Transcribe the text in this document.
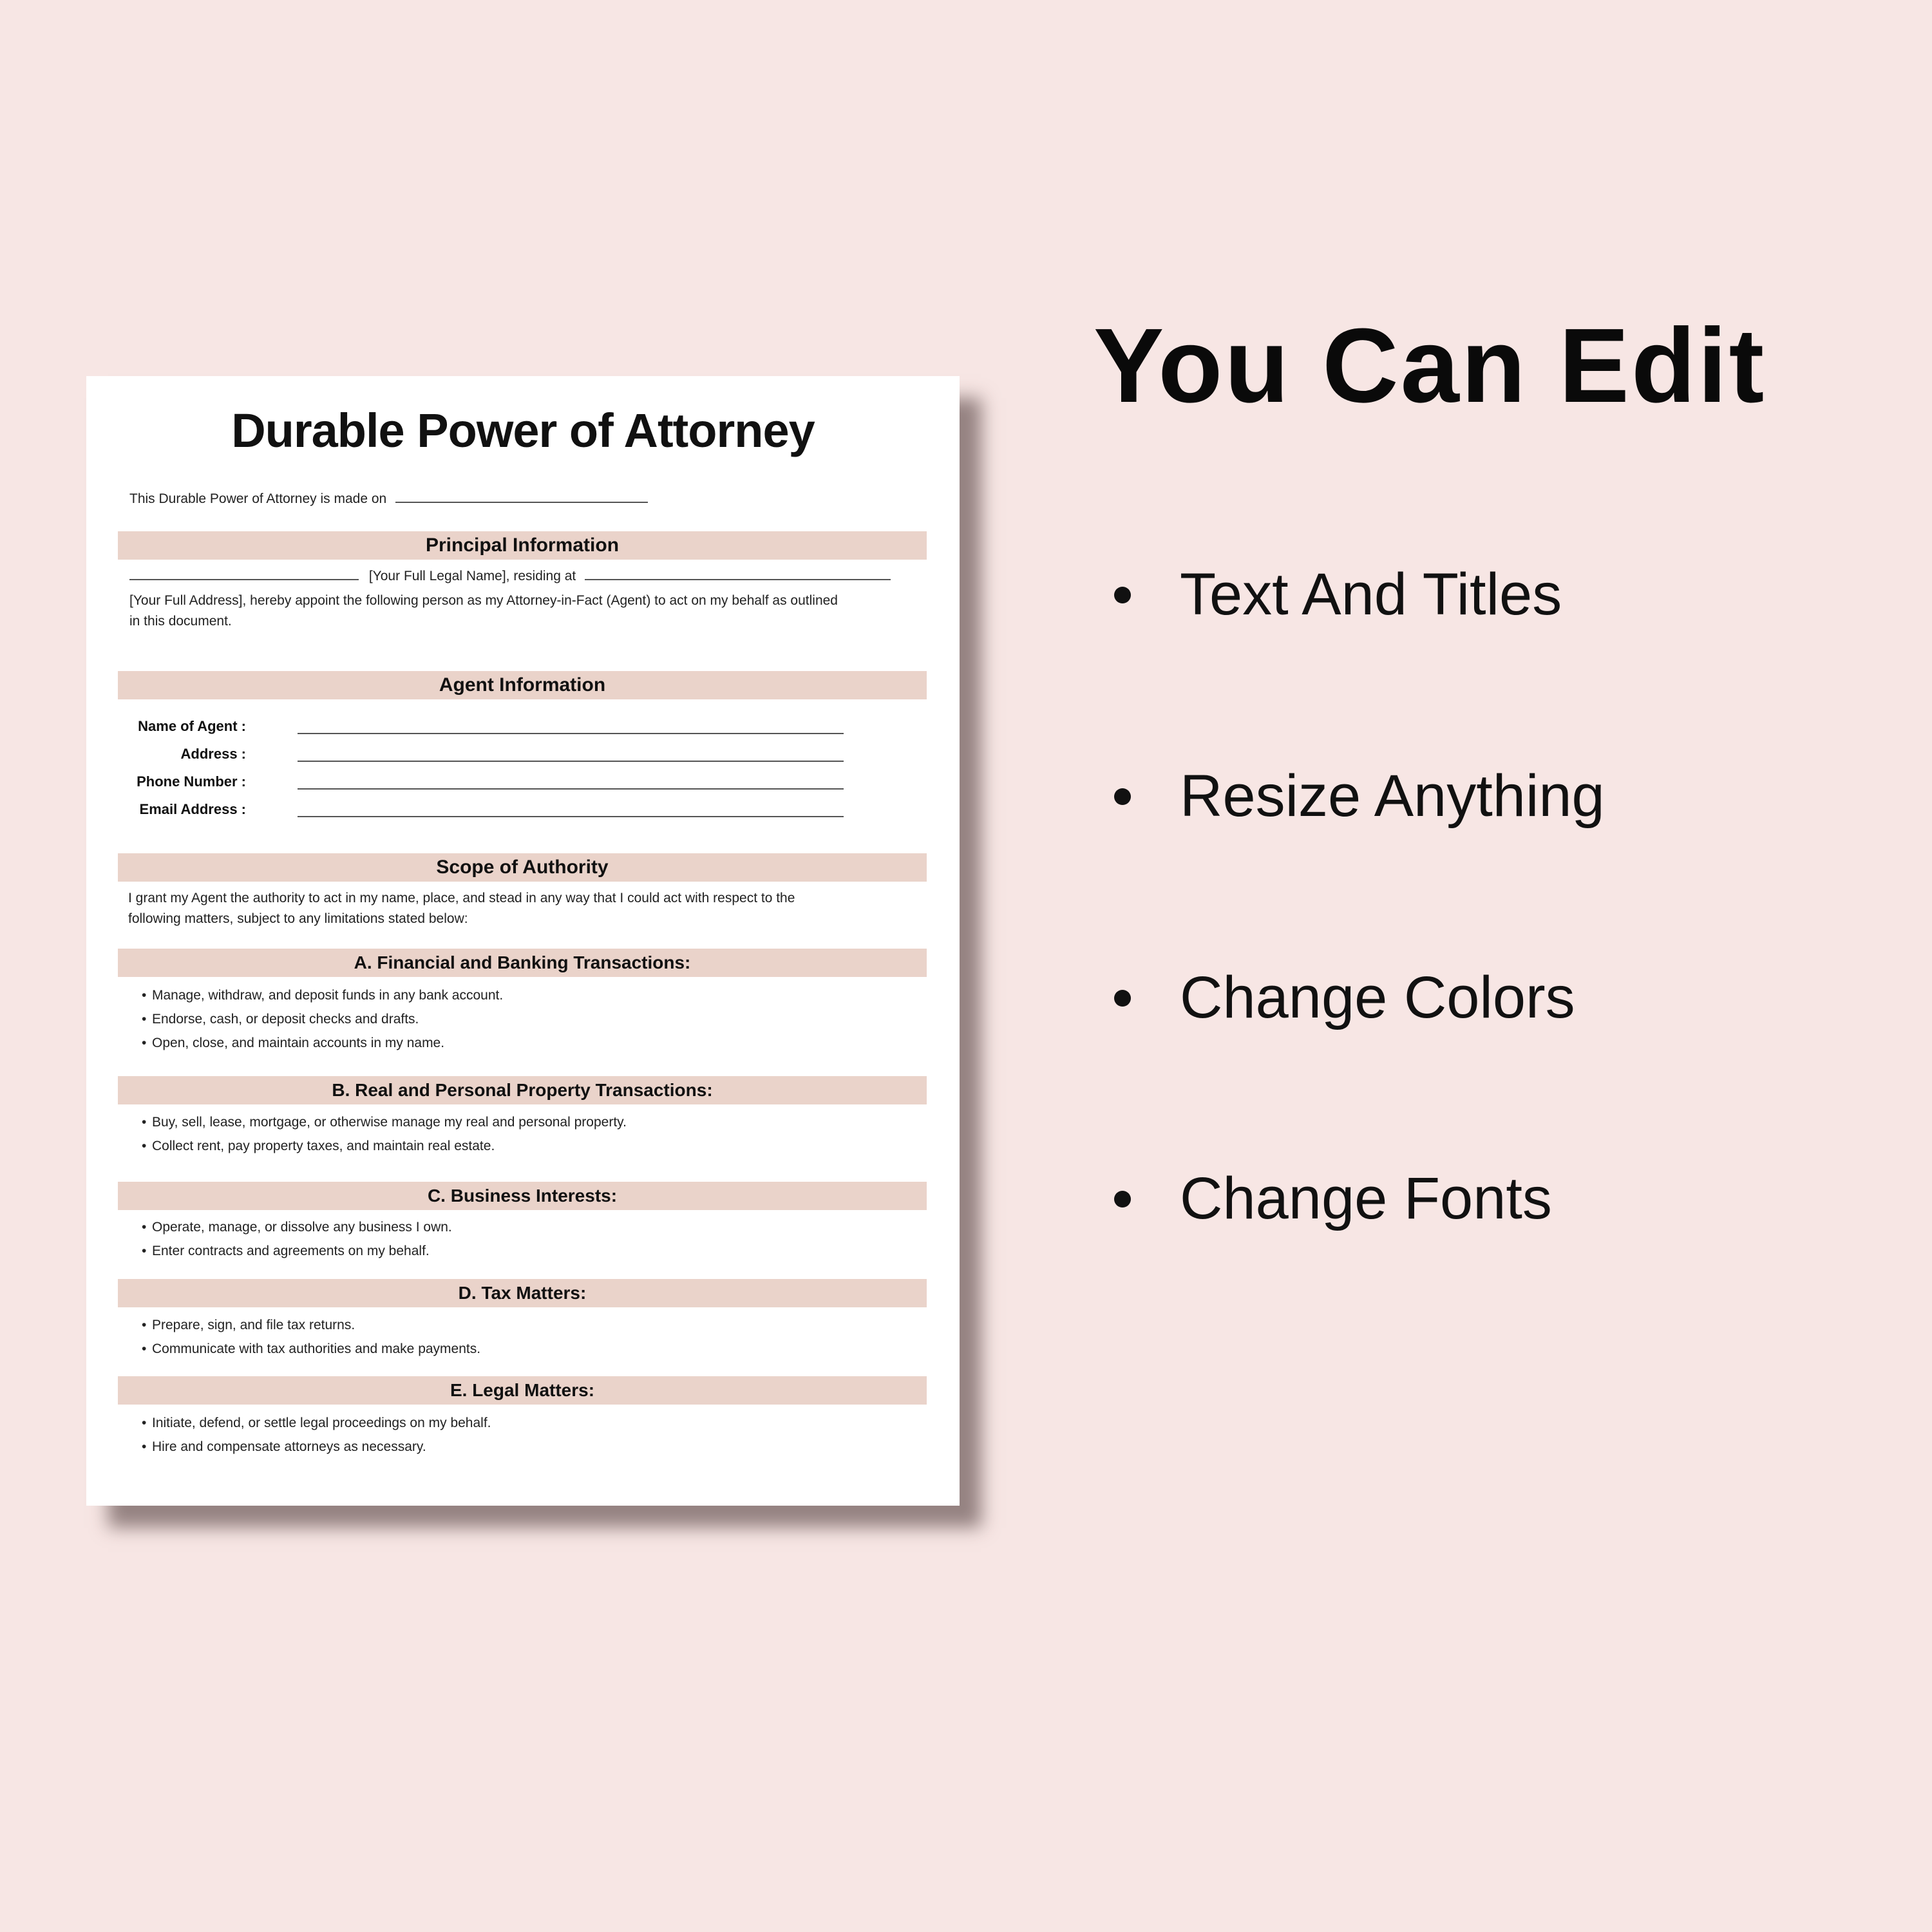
Durable Power of Attorney
This Durable Power of Attorney is made on
Principal Information
[Your Full Legal Name], residing at
[Your Full Address], hereby appoint the following person as my Attorney-in-Fact (Agent) to act on my behalf as outlined
in this document.
Agent Information
Name of Agent :
Address :
Phone Number :
Email Address :
Scope of Authority
I grant my Agent the authority to act in my name, place, and stead in any way that I could act with respect to the
following matters, subject to any limitations stated below:
A. Financial and Banking Transactions:
• Manage, withdraw, and deposit funds in any bank account.
• Endorse, cash, or deposit checks and drafts.
• Open, close, and maintain accounts in my name.
B. Real and Personal Property Transactions:
• Buy, sell, lease, mortgage, or otherwise manage my real and personal property.
• Collect rent, pay property taxes, and maintain real estate.
C. Business Interests:
• Operate, manage, or dissolve any business I own.
• Enter contracts and agreements on my behalf.
D. Tax Matters:
• Prepare, sign, and file tax returns.
• Communicate with tax authorities and make payments.
E. Legal Matters:
• Initiate, defend, or settle legal proceedings on my behalf.
• Hire and compensate attorneys as necessary.
You Can Edit
Text And Titles
Resize Anything
Change Colors
Change Fonts
